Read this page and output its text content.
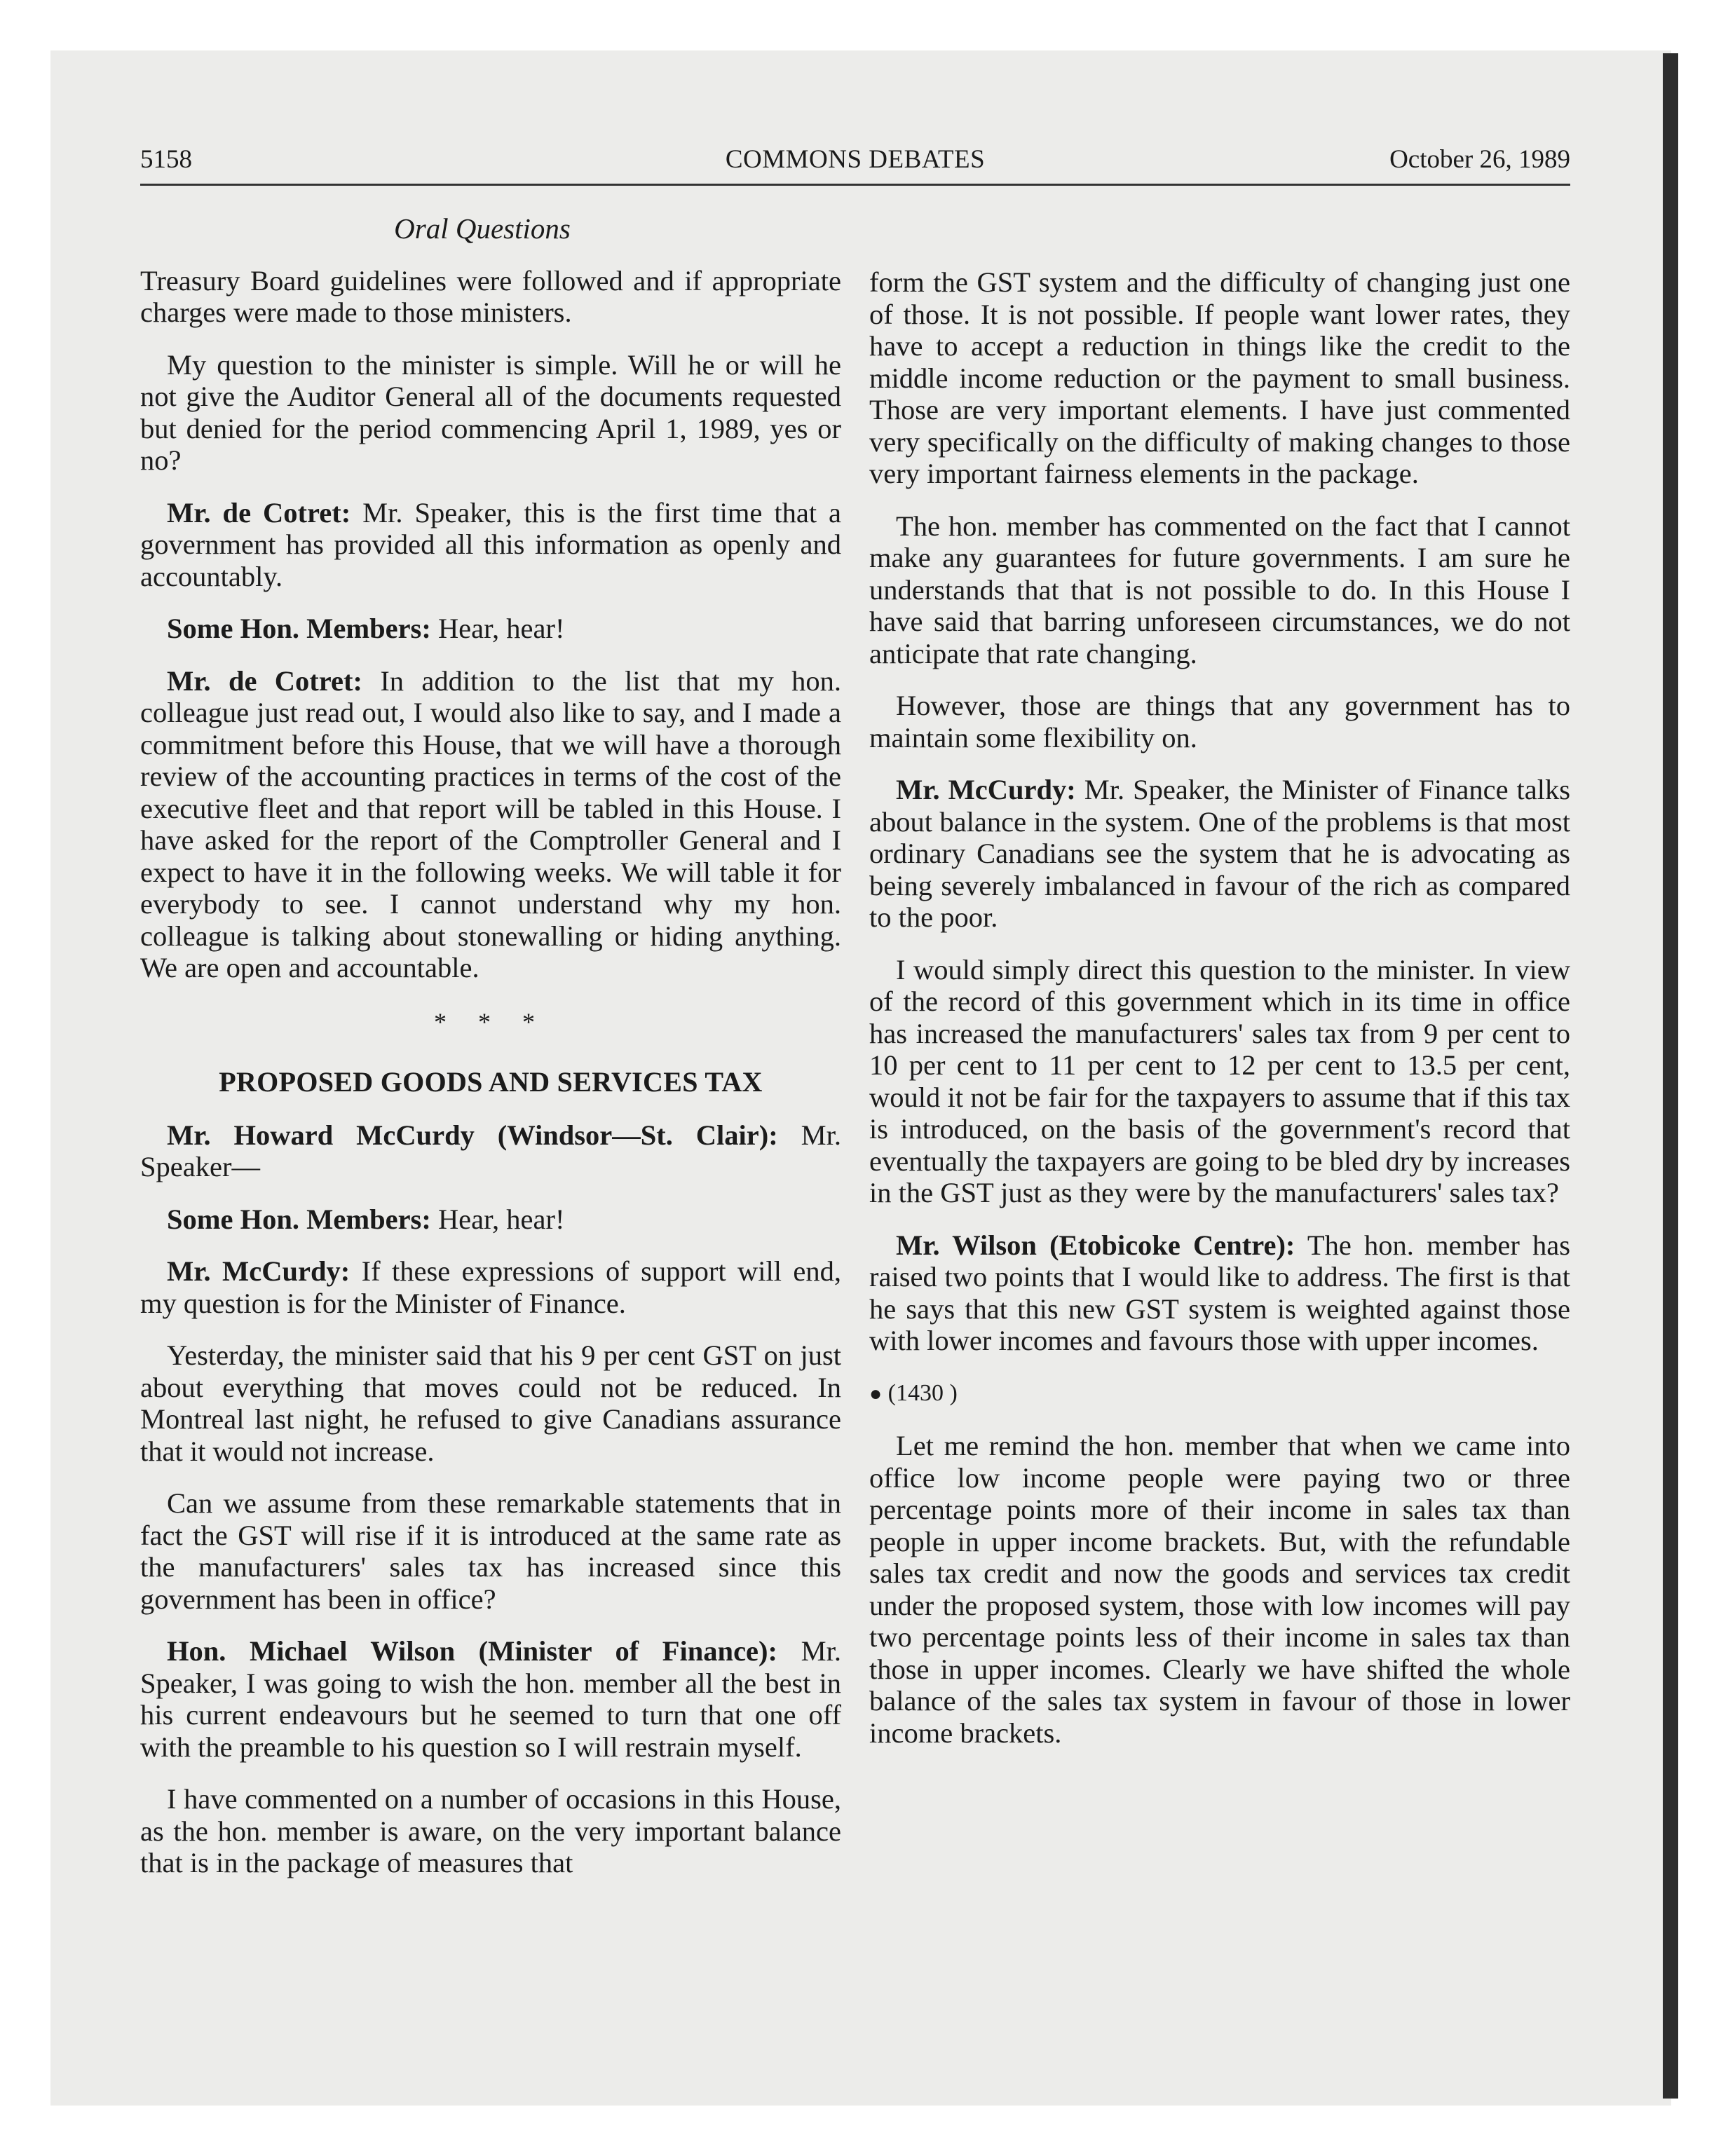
5158	COMMONS DEBATES	October 26, 1989
Oral Questions

Treasury Board guidelines were followed and if appropriate charges were made to those ministers.

My question to the minister is simple. Will he or will he not give the Auditor General all of the documents requested but denied for the period commencing April 1, 1989, yes or no?

Mr. de Cotret: Mr. Speaker, this is the first time that a government has provided all this information as openly and accountably.

Some Hon. Members: Hear, hear!

Mr. de Cotret: In addition to the list that my hon. colleague just read out, I would also like to say, and I made a commitment before this House, that we will have a thorough review of the accounting practices in terms of the cost of the executive fleet and that report will be tabled in this House. I have asked for the report of the Comptroller General and I expect to have it in the following weeks. We will table it for everybody to see. I cannot understand why my hon. colleague is talking about stonewalling or hiding anything. We are open and accountable.

* * *
PROPOSED GOODS AND SERVICES TAX

Mr. Howard McCurdy (Windsor—St. Clair): Mr. Speaker—

Some Hon. Members: Hear, hear!

Mr. McCurdy: If these expressions of support will end, my question is for the Minister of Finance.

Yesterday, the minister said that his 9 per cent GST on just about everything that moves could not be reduced. In Montreal last night, he refused to give Canadians assurance that it would not increase.

Can we assume from these remarkable statements that in fact the GST will rise if it is introduced at the same rate as the manufacturers' sales tax has increased since this government has been in office?

Hon. Michael Wilson (Minister of Finance): Mr. Speaker, I was going to wish the hon. member all the best in his current endeavours but he seemed to turn that one off with the preamble to his question so I will restrain myself.

I have commented on a number of occasions in this House, as the hon. member is aware, on the very important balance that is in the package of measures that

form the GST system and the difficulty of changing just one of those. It is not possible. If people want lower rates, they have to accept a reduction in things like the credit to the middle income reduction or the payment to small business. Those are very important elements. I have just commented very specifically on the difficulty of making changes to those very important fairness elements in the package.

The hon. member has commented on the fact that I cannot make any guarantees for future governments. I am sure he understands that that is not possible to do. In this House I have said that barring unforeseen circumstances, we do not anticipate that rate changing.

However, those are things that any government has to maintain some flexibility on.

Mr. McCurdy: Mr. Speaker, the Minister of Finance talks about balance in the system. One of the problems is that most ordinary Canadians see the system that he is advocating as being severely imbalanced in favour of the rich as compared to the poor.

I would simply direct this question to the minister. In view of the record of this government which in its time in office has increased the manufacturers' sales tax from 9 per cent to 10 per cent to 11 per cent to 12 per cent to 13.5 per cent, would it not be fair for the taxpayers to assume that if this tax is introduced, on the basis of the government's record that eventually the taxpayers are going to be bled dry by increases in the GST just as they were by the manufacturers' sales tax?

Mr. Wilson (Etobicoke Centre): The hon. member has raised two points that I would like to address. The first is that he says that this new GST system is weighted against those with lower incomes and favours those with upper incomes.

● (1430 )

Let me remind the hon. member that when we came into office low income people were paying two or three percentage points more of their income in sales tax than people in upper income brackets. But, with the refundable sales tax credit and now the goods and services tax credit under the proposed system, those with low incomes will pay two percentage points less of their income in sales tax than those in upper incomes. Clearly we have shifted the whole balance of the sales tax system in favour of those in lower income brackets.
